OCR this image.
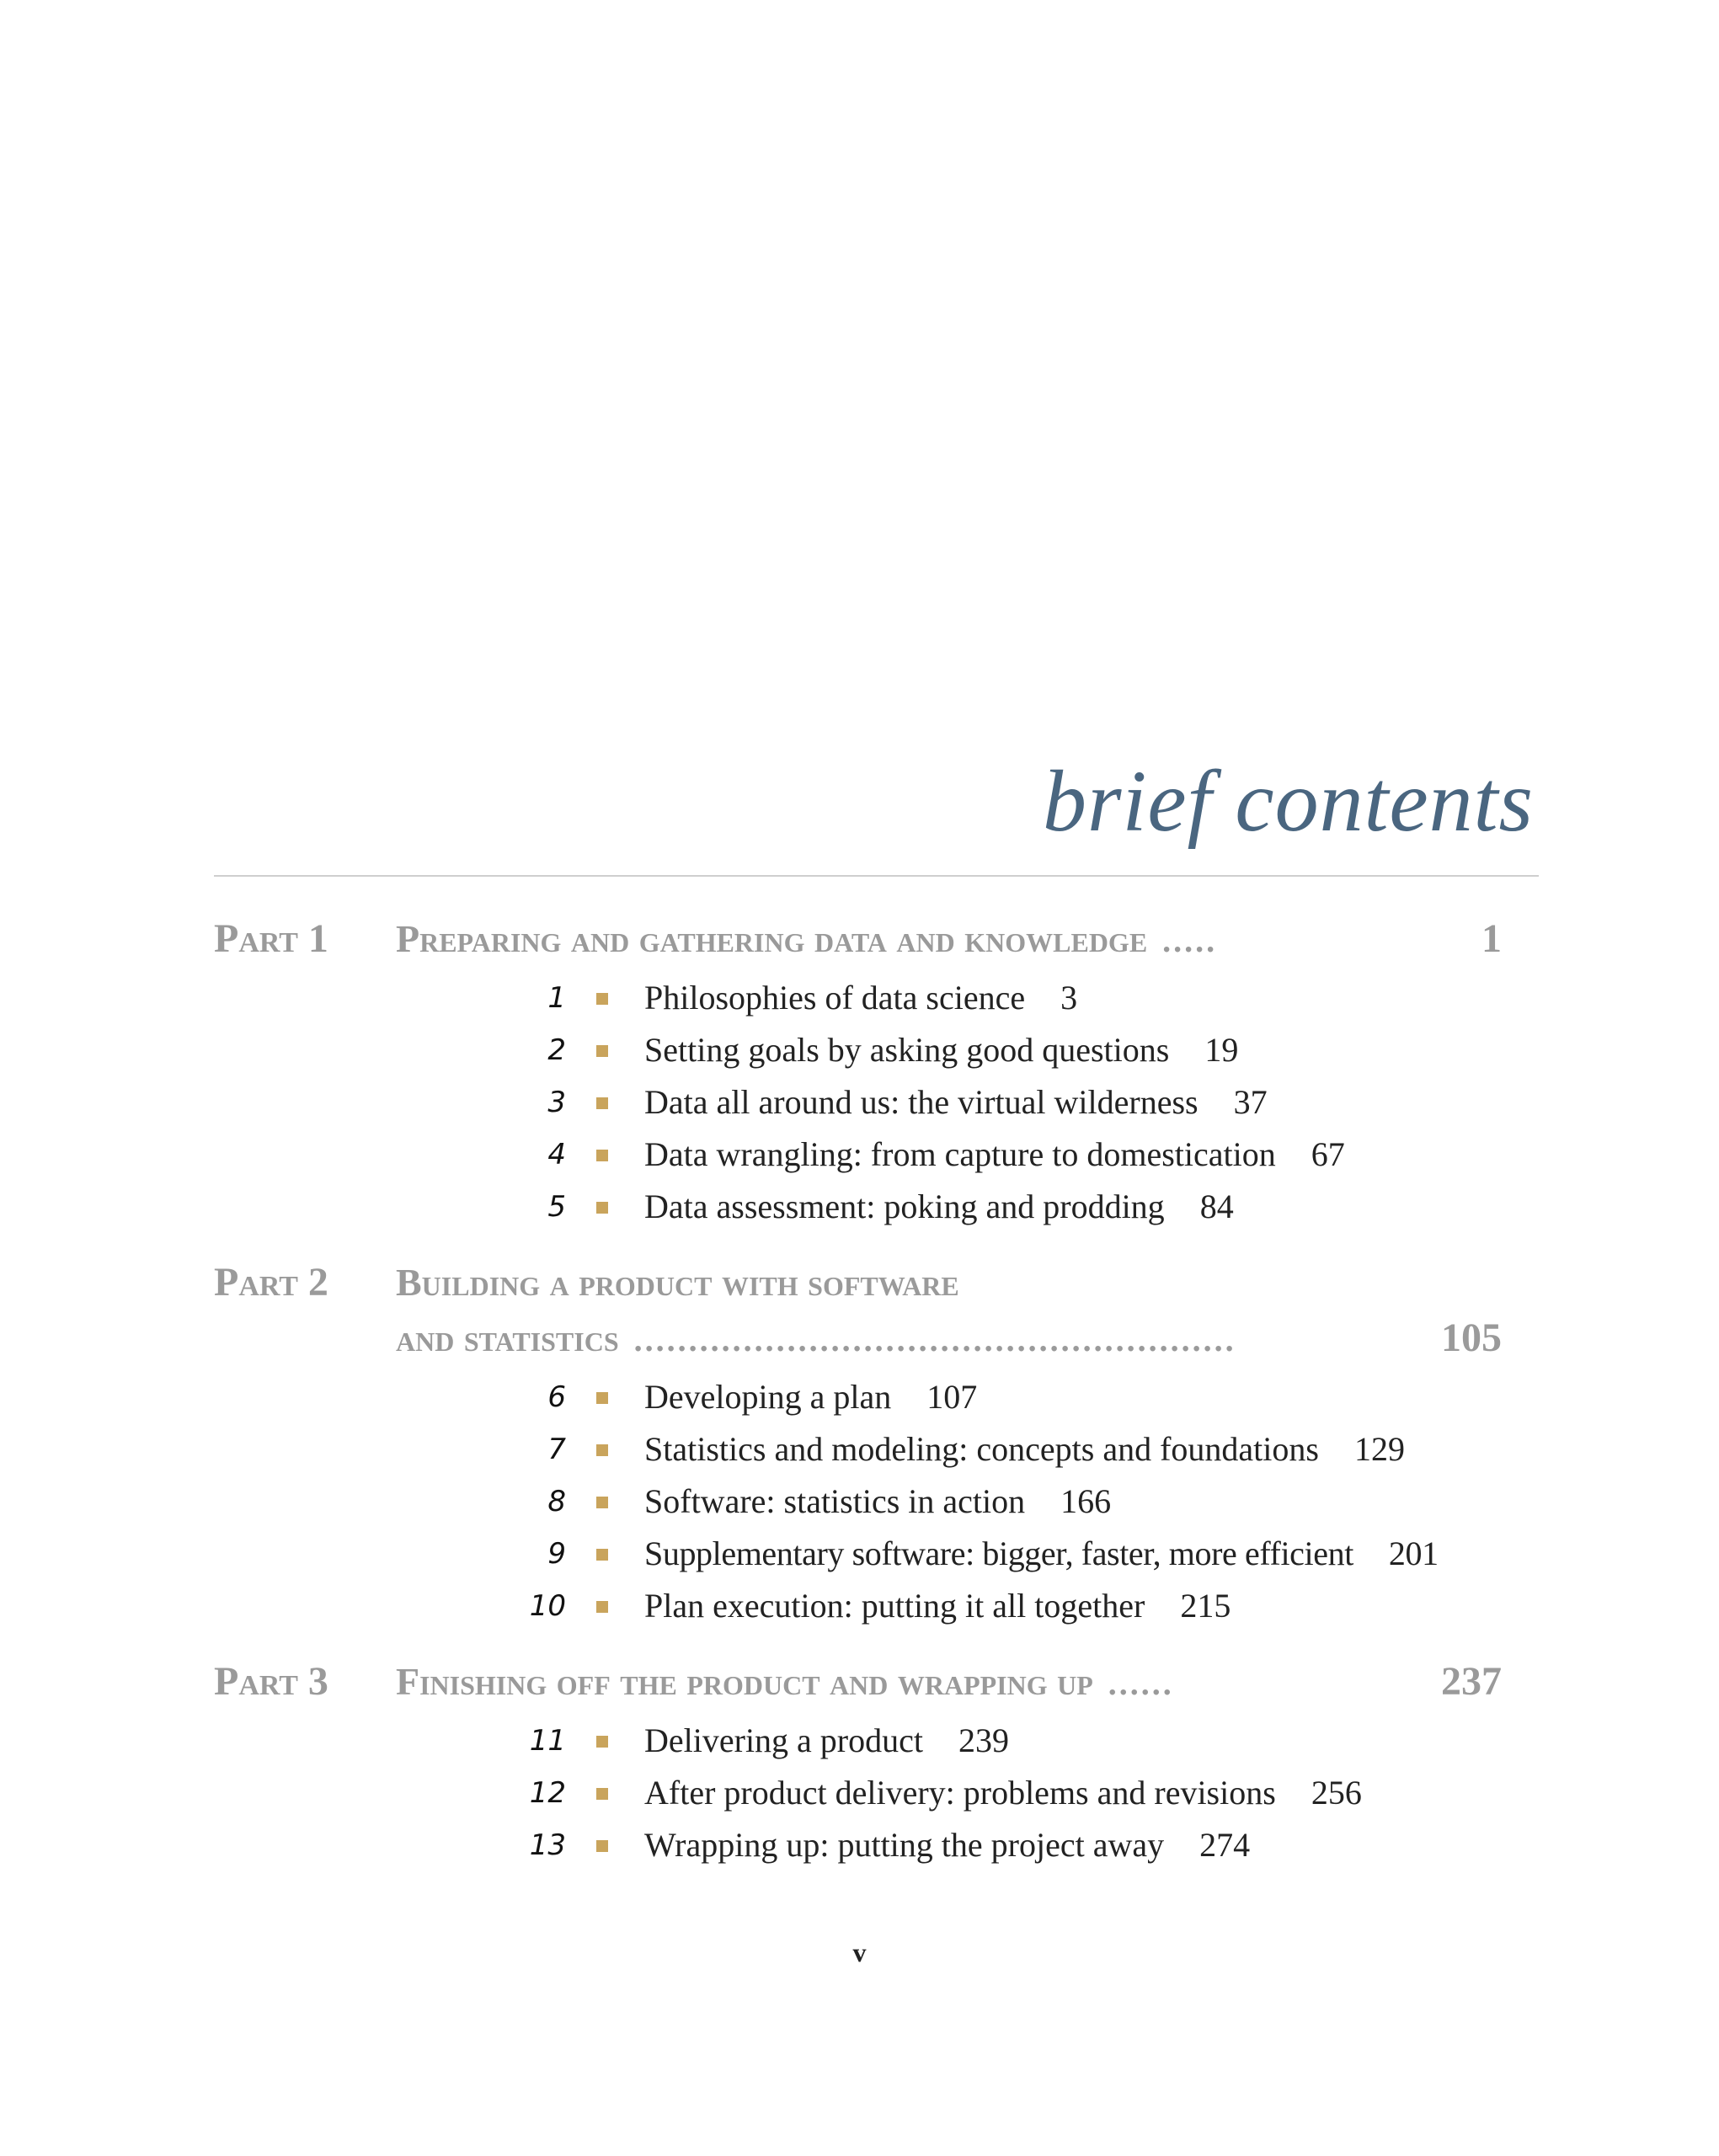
brief contents
Part 1 Preparing and gathering data and knowledge .....	1
1 Philosophies of data science 3
2 Setting goals by asking good questions 19
3 Data all around us: the virtual wilderness 37
4 Data wrangling: from capture to domestication 67
5 Data assessment: poking and prodding 84
Part 2 Building a product with software
and statistics .......................................................	105
6 Developing a plan 107
7 Statistics and modeling: concepts and foundations 129
8 Software: statistics in action 166
9 Supplementary software: bigger, faster, more efficient 201
10 Plan execution: putting it all together 215
Part 3 Finishing off the product and wrapping up ......	237
11 Delivering a product 239
12 After product delivery: problems and revisions 256
13 Wrapping up: putting the project away 274
v
